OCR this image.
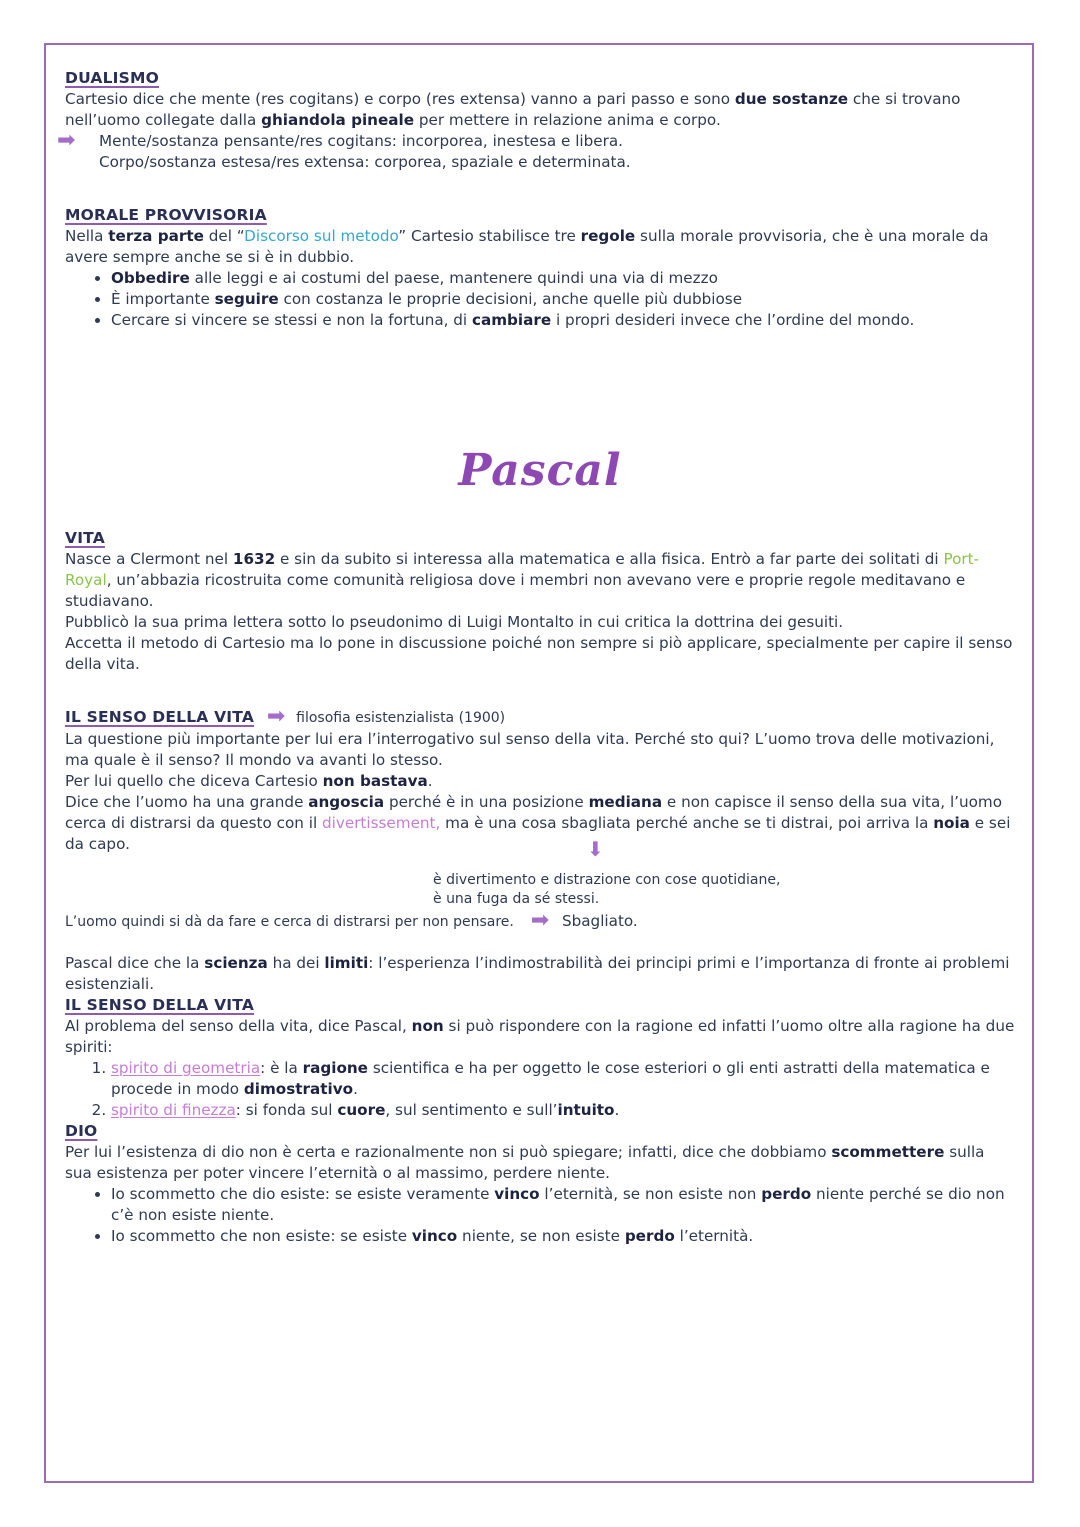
DUALISMO

Cartesio dice che mente (res cogitans) e corpo (res extensa) vanno a pari passo e sono due sostanze che si trovano nell’uomo collegate dalla ghiandola pineale per mettere in relazione anima e corpo.

➡ Mente/sostanza pensante/res cogitans: incorporea, inestesa e libera.

Corpo/sostanza estesa/res extensa: corporea, spaziale e determinata.

MORALE PROVVISORIA

Nella terza parte del “Discorso sul metodo” Cartesio stabilisce tre regole sulla morale provvisoria, che è una morale da avere sempre anche se si è in dubbio.

• Obbedire alle leggi e ai costumi del paese, mantenere quindi una via di mezzo
• È importante seguire con costanza le proprie decisioni, anche quelle più dubbiose
• Cercare si vincere se stessi e non la fortuna, di cambiare i propri desideri invece che l’ordine del mondo.
Pascal
VITA

Nasce a Clermont nel 1632 e sin da subito si interessa alla matematica e alla fisica. Entrò a far parte dei solitati di Port-Royal, un’abbazia ricostruita come comunità religiosa dove i membri non avevano vere e proprie regole meditavano e studiavano.

Pubblicò la sua prima lettera sotto lo pseudonimo di Luigi Montalto in cui critica la dottrina dei gesuiti.

Accetta il metodo di Cartesio ma lo pone in discussione poiché non sempre si piò applicare, specialmente per capire il senso della vita.

IL SENSO DELLA VITA ➡ filosofia esistenzialista (1900)

La questione più importante per lui era l’interrogativo sul senso della vita. Perché sto qui? L’uomo trova delle motivazioni, ma quale è il senso? Il mondo va avanti lo stesso.

Per lui quello che diceva Cartesio non bastava.

Dice che l’uomo ha una grande angoscia perché è in una posizione mediana e non capisce il senso della sua vita, l’uomo cerca di distrarsi da questo con il divertissement, ma è una cosa sbagliata perché anche se ti distrai, poi arriva la noia e sei da capo.	⬇
è divertimento e distrazione con cose quotidiane,
è una fuga da sé stessi.

L’uomo quindi si dà da fare e cerca di distrarsi per non pensare. ➡ Sbagliato.

Pascal dice che la scienza ha dei limiti: l’esperienza l’indimostrabilità dei principi primi e l’importanza di fronte ai problemi esistenziali.

IL SENSO DELLA VITA

Al problema del senso della vita, dice Pascal, non si può rispondere con la ragione ed infatti l’uomo oltre alla ragione ha due spiriti:

1. spirito di geometria: è la ragione scientifica e ha per oggetto le cose esteriori o gli enti astratti della matematica e procede in modo dimostrativo.
2. spirito di finezza: si fonda sul cuore, sul sentimento e sull’intuito.
DIO

Per lui l’esistenza di dio non è certa e razionalmente non si può spiegare; infatti, dice che dobbiamo scommettere sulla sua esistenza per poter vincere l’eternità o al massimo, perdere niente.

• Io scommetto che dio esiste: se esiste veramente vinco l’eternità, se non esiste non perdo niente perché se dio non c’è non esiste niente.
• Io scommetto che non esiste: se esiste vinco niente, se non esiste perdo l’eternità.
